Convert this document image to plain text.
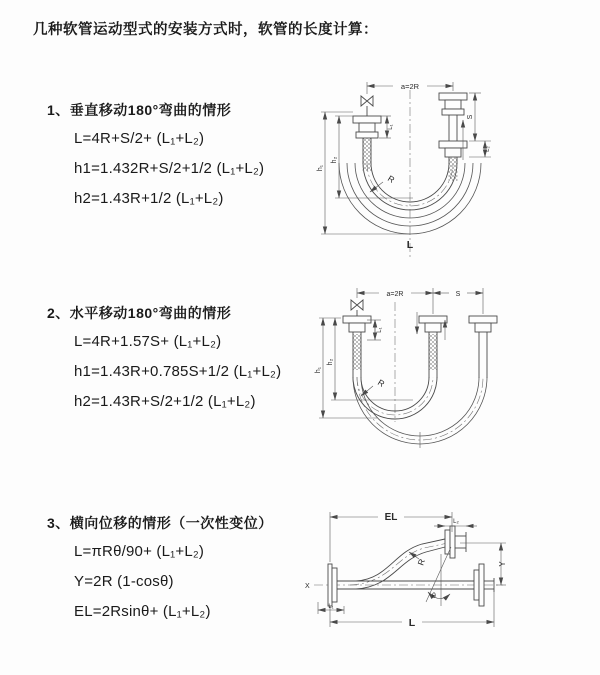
几种软管运动型式的安装方式时，软管的长度计算：
1、垂直移动180°弯曲的情形
L=4R+S/2+ (L₁+L₂)
h1=1.432R+S/2+1/2 (L₁+L₂)
h2=1.43R+1/2 (L₁+L₂)
2、水平移动180°弯曲的情形
L=4R+1.57S+ (L₁+L₂)
h1=1.43R+0.785S+1/2 (L₁+L₂)
h2=1.43R+S/2+1/2 (L₁+L₂)
3、横向位移的情形（一次性变位）
L=πRθ/90+ (L₁+L₂)
Y=2R (1-cosθ)
EL=2Rsinθ+ (L₁+L₂)
a=2R
S
L₂
h₁
h₂
L₁
R
L
a=2R	S
h₁
h₂
L₁
R
X
R
θ
EL	L₂
Y
L
L₁
